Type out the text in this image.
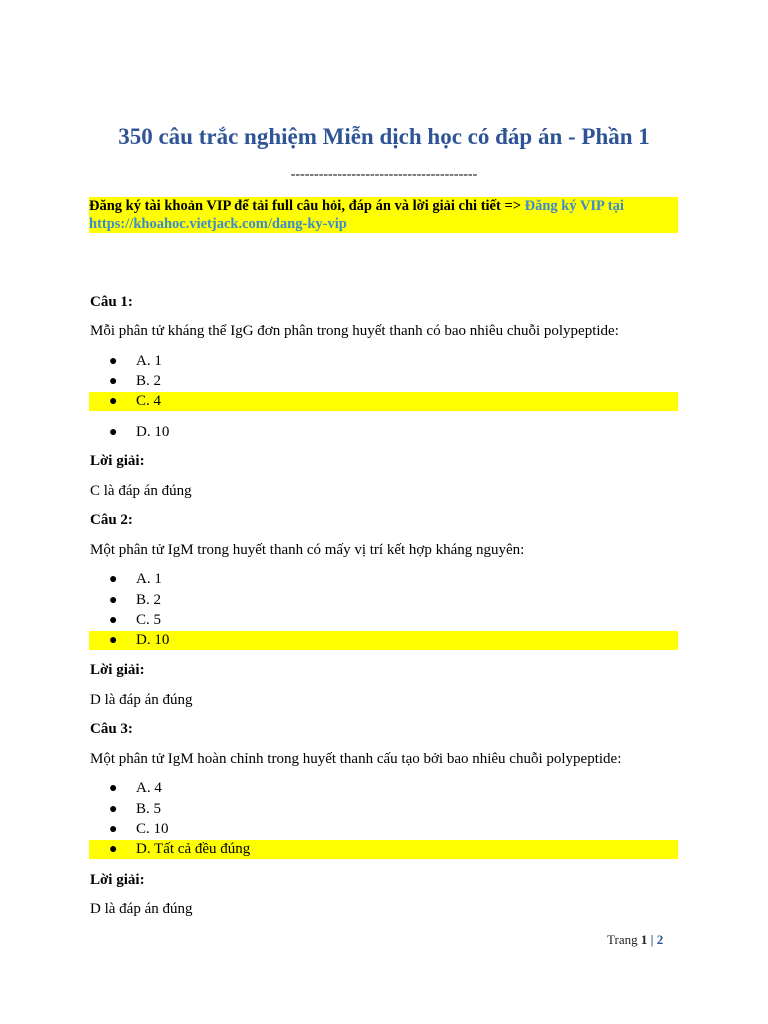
350 câu trắc nghiệm Miễn dịch học có đáp án - Phần 1
----------------------------------------
Đăng ký tài khoản VIP để tải full câu hỏi, đáp án và lời giải chi tiết => Đăng ký VIP tại
https://khoahoc.vietjack.com/dang-ky-vip
Câu 1:
Mỗi phân tử kháng thể IgG đơn phân trong huyết thanh có bao nhiêu chuỗi polypeptide:
● A. 1
● B. 2
● C. 4
● D. 10
Lời giải:
C là đáp án đúng
Câu 2:
Một phân tử IgM trong huyết thanh có mấy vị trí kết hợp kháng nguyên:
● A. 1
● B. 2
● C. 5
● D. 10
Lời giải:
D là đáp án đúng
Câu 3:
Một phân tử IgM hoàn chỉnh trong huyết thanh cấu tạo bởi bao nhiêu chuỗi polypeptide:
● A. 4
● B. 5
● C. 10
● D. Tất cả đều đúng
Lời giải:
D là đáp án đúng
Trang 1 | 2
